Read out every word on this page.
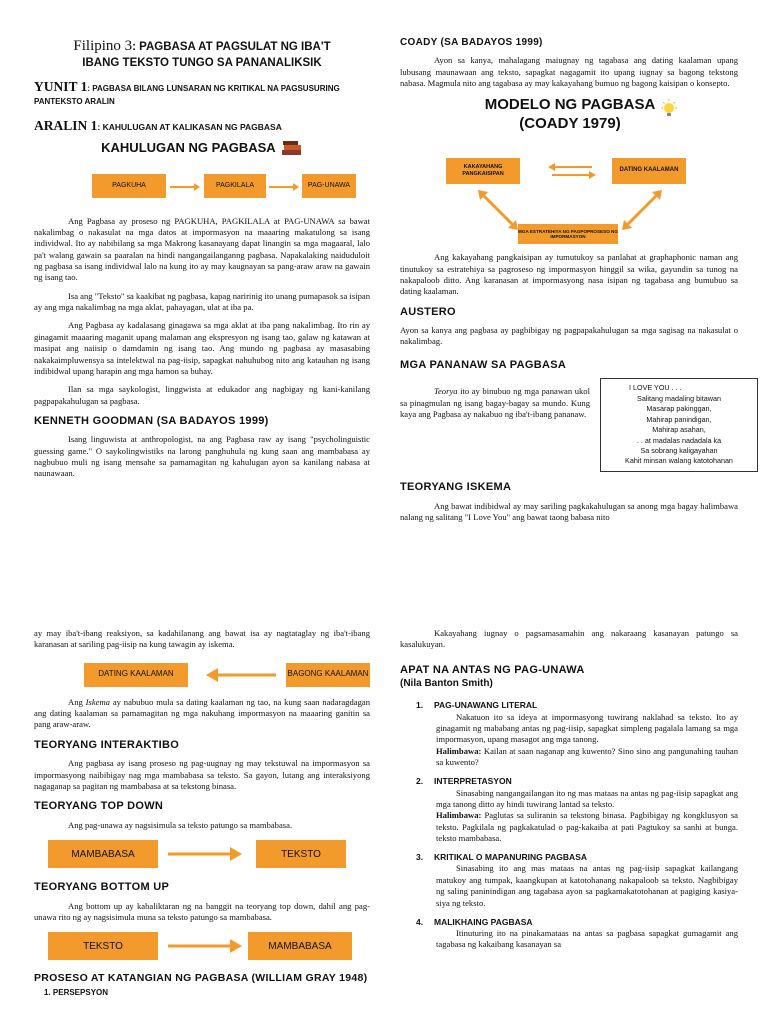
Filipino 3: PAGBASA AT PAGSULAT NG IBA'T
IBANG TEKSTO TUNGO SA PANANALIKSIK
YUNIT 1: PAGBASA BILANG LUNSARAN NG KRITIKAL NA PAGSUSURING PANTEKSTO ARALIN
ARALIN 1: KAHULUGAN AT KALIKASAN NG PAGBASA
KAHULUGAN NG PAGBASA
PAGKUHA	PAGKILALA	PAG-UNAWA

Ang Pagbasa ay proseso ng PAGKUHA, PAGKILALA at PAG-UNAWA sa bawat nakalimbag o nakasulat na mga datos at impormasyon na maaaring makatulong sa isang individwal. Ito ay nabibilang sa mga Makrong kasanayang dapat linangin sa mga magaaral, lalo pa't walang gawain sa paaralan na hindi nangangailanganng pagbasa. Napakalaking naiduduloit ng pagbasa sa isang individwal lalo na kung ito ay may kaugnayan sa pang-araw araw na gawain ng isang tao.

Isa ang "Teksto" sa kaakibat ng pagbasa, kapag naririnig ito unang pumapasok sa isipan ay ang mga nakalimbag na mga aklat, pahayagan, ulat at iba pa.

Ang Pagbasa ay kadalasang ginagawa sa mga aklat at iba pang nakalimbag. Ito rin ay ginagamit maaaring maganit upang malaman ang ekspresyon ng isang tao, galaw ng katawan at masipat ang naiisip o damdamin ng isang tao. Ang mundo ng pagbasa ay masasabing nakakaimpluwensya sa intelektwal na pag-iisip, sapagkat nahuhubog nito ang katauhan ng isang indibidwal upang harapin ang mga hamon sa buhay.

Ilan sa mga saykologist, linggwista at edukador ang nagbigay ng kani-kanilang pagpapakahulugan sa pagbasa.

KENNETH GOODMAN (SA BADAYOS 1999)

Isang linguwista at anthropologist, na ang Pagbasa raw ay isang "psycholinguistic guessing game." O saykolingwistiks na larong panghuhula ng kung saan ang mambabasa ay nagbubuo muli ng isang mensahe sa pamamagitan ng kahulugan ayon sa kanilang nabasa at naunawaan.

COADY (SA BADAYOS 1999)

Ayon sa kanya, mahalagang maiugnay ng tagabasa ang dating kaalaman upang lubusang maunawaan ang teksto, sapagkat nagagamit ito upang iugnay sa bagong tekstong nabasa. Magmula nito ang tagabasa ay may kakayahang bumuo ng bagong kaisipan o konsepto.

MODELO NG PAGBASA
(COADY 1979)
KAKAYAHANG PANGKAISIPAN
DATING KAALAMAN
MGA ESTRATEHIYA NG PAGPOPROSESO NG IMPORMASYON

Ang kakayahang pangkaisipan ay tumutukoy sa panlahat at graphaphonic naman ang tinutukoy sa estratehiya sa pagroseso ng impormasyon hinggil sa wika, gayundin sa tunog na nakapaloob ditto. Ang karanasan at impormasyong nasa isipan ng tagabasa ang bumubuo sa dating kaalaman.

AUSTERO

Ayon sa kanya ang pagbasa ay pagbibigay ng pagpapakahulugan sa mga sagisag na nakasulat o nakalimbag.

MGA PANANAW SA PAGBASA

Teorya ito ay binubuo ng mga panawan ukol sa pinagmulan ng isang bagay-bagay sa mundo. Kung kaya ang Pagbasa ay nakabuo ng iba't-ibang pananaw.

I LOVE YOU . . .
Salitang madaling bitawan
Masarap pakinggan,
Mahirap panindigan,
Mahirap asahan,
. . at madalas nadadala ka
Sa sobrang kaligayahan
Kahit minsan walang katotohanan
TEORYANG ISKEMA

Ang bawat indibidwal ay may sariling pagkakahulugan sa anong mga bagay halimbawa nalang ng salitang "I Love You" ang bawat taong babasa nito

ay may iba't-ibang reaksiyon, sa kadahilanang ang bawat isa ay nagtataglay ng iba't-ibang karanasan at sariling pag-iisip na kung tawagin ay iskema.

DATING KAALAMAN	BAGONG KAALAMAN

Ang Iskema ay nabubuo mula sa dating kaalaman ng tao, na kung saan nadaragdagan ang dating kaalaman sa pamamagitan ng mga nakuhang impormasyon na maaaring ganitin sa pang araw-araw.

TEORYANG INTERAKTIBO

Ang pagbasa ay isang proseso ng pag-uugnay ng may tekstuwal na impormasyon sa impormasyong naibibigay nag mga mambabasa sa teksto. Sa gayon, lutang ang interaksiyong nagaganap sa pagitan ng mambabasa at sa tekstong binasa.

TEORYANG TOP DOWN

Ang pag-unawa ay nagsisimula sa teksto patungo sa mambabasa.

MAMBABASA	TEKSTO
TEORYANG BOTTOM UP

Ang bottom up ay kabaliktaran ng na banggit na teoryang top down, dahil ang pag-unawa rito ng ay nagsisimula muna sa teksto patungo sa mambabasa.

TEKSTO	MAMBABASA
PROSESO AT KATANGIAN NG PAGBASA (WILLIAM GRAY 1948)
1. PERSEPSYON

Kakayahang iugnay o pagsamasamahin ang nakaraang kasanayan patungo sa kasalukuyan.

APAT NA ANTAS NG PAG-UNAWA
(Nila Banton Smith)
1. PAG-UNAWANG LITERAL

Nakatuon ito sa ideya at impormasyong tuwirang naklahad sa teksto. Ito ay ginagamit ng mababang antas ng pag-iisip, sapagkat simpleng pagalala lamang sa mga impormasyon, upang masagot ang mga tanong.

Halimbawa: Kailan at saan naganap ang kuwento? Sino sino ang pangunahing tauhan sa kuwento?

2. INTERPRETASYON

Sinasabing nangangailangan ito ng mas mataas na antas ng pag-iisip sapagkat ang mga tanong ditto ay hindi tuwirang lantad sa teksto.

Halimbawa: Paglutas sa suliranin sa tekstong binasa. Pagbibigay ng kongklusyon sa teksto. Pagkilala ng pagkakatulad o pag-kakaiba at pati Pagtukoy sa sanhi at bunga. teksto mambabasa.

3. KRITIKAL O MAPANURING PAGBASA

Sinasabing ito ang mas mataas na antas ng pag-iisip sapagkat kailangang matukoy ang tumpak, kaangkupan at katotohanang nakapaloob sa teksto. Nagbibigay ng saling paninindigan ang tagabasa ayon sa pagkamakatotohanan at pagiging kasiya-siya ng teksto.

4. MALIKHAING PAGBASA

Itinuturing ito na pinakamataas na antas sa pagbasa sapagkat gumagamit ang tagabasa ng kakaibang kasanayan sa
